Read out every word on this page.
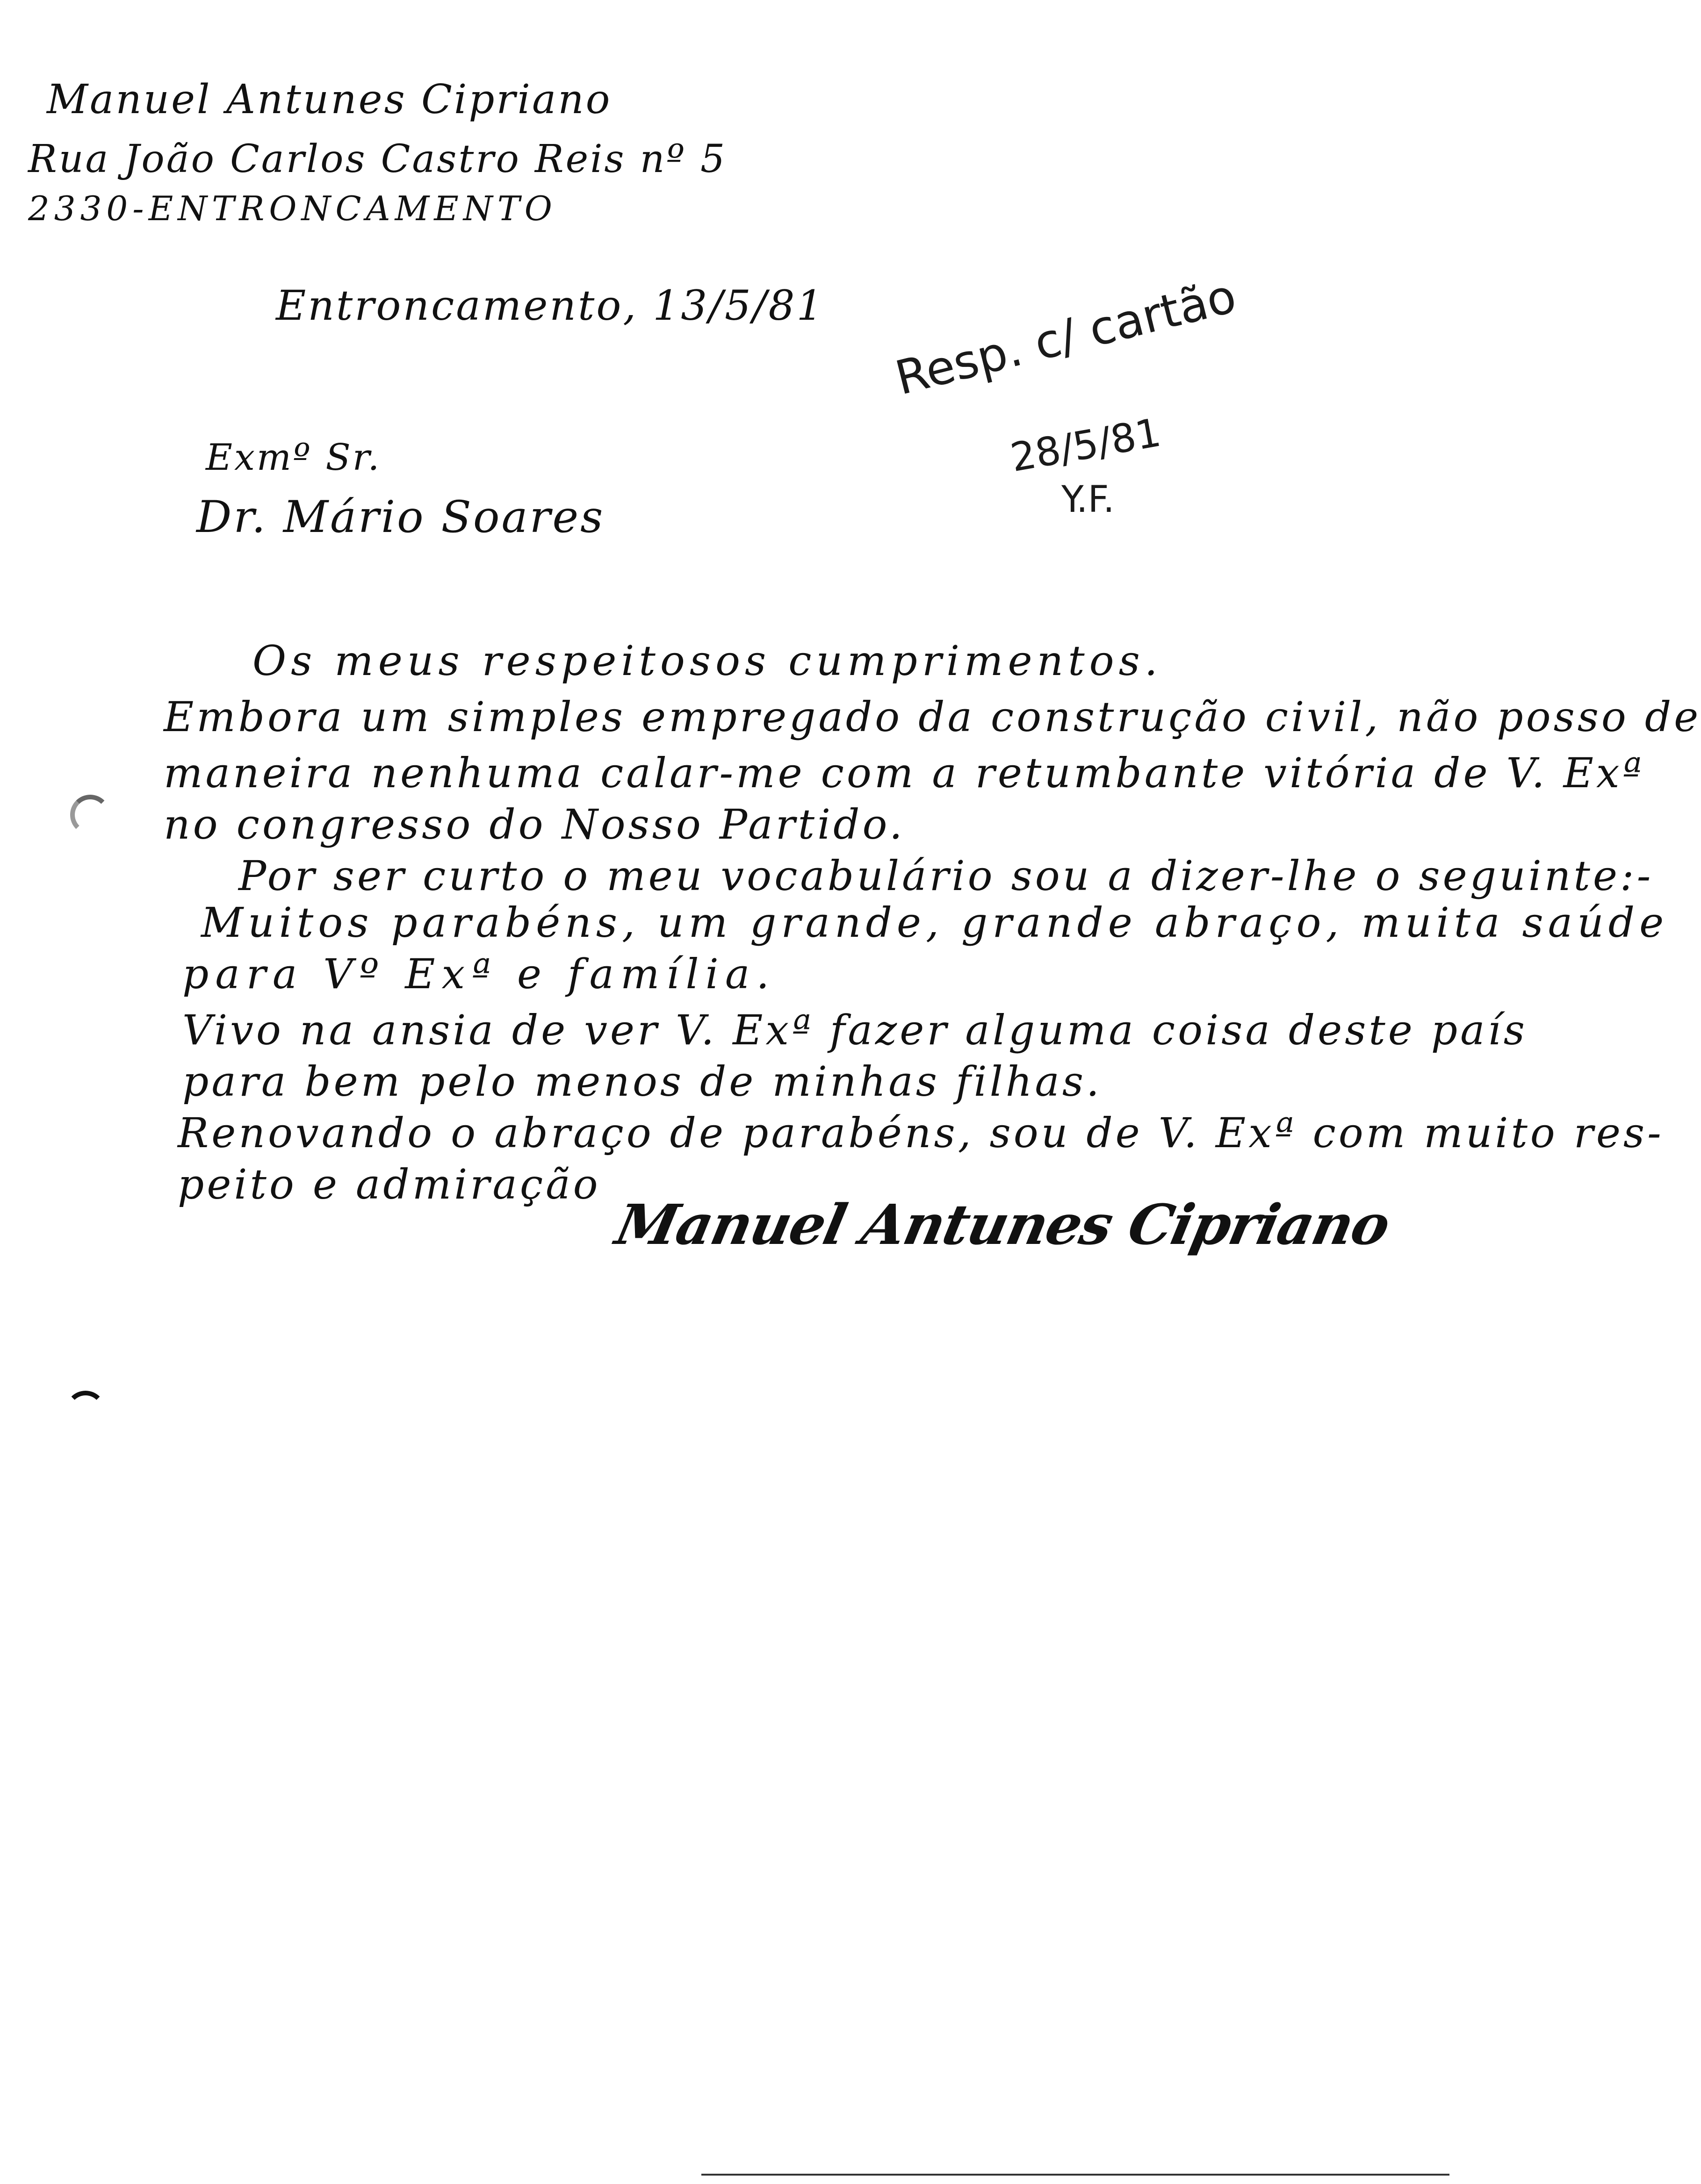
Manuel Antunes Cipriano
Rua João Carlos Castro Reis nº 5
2330-ENTRONCAMENTO
Entroncamento, 13/5/81 Resp. c/ cartão
28/5/81
Y.F.
Exmº Sr.
Dr. Mário Soares
Os meus respeitosos cumprimentos.
Embora um simples empregado da construção civil, não posso de
maneira nenhuma calar-me com a retumbante vitória de V. Exª
no congresso do Nosso Partido.
Por ser curto o meu vocabulário sou a dizer-lhe o seguinte:-
Muitos parabéns, um grande, grande abraço, muita saúde
para Vº Exª e família.
Vivo na ansia de ver V. Exª fazer alguma coisa deste país
para bem pelo menos de minhas filhas.
Renovando o abraço de parabéns, sou de V. Exª com muito res-
peito e admiração
Manuel Antunes Cipriano
